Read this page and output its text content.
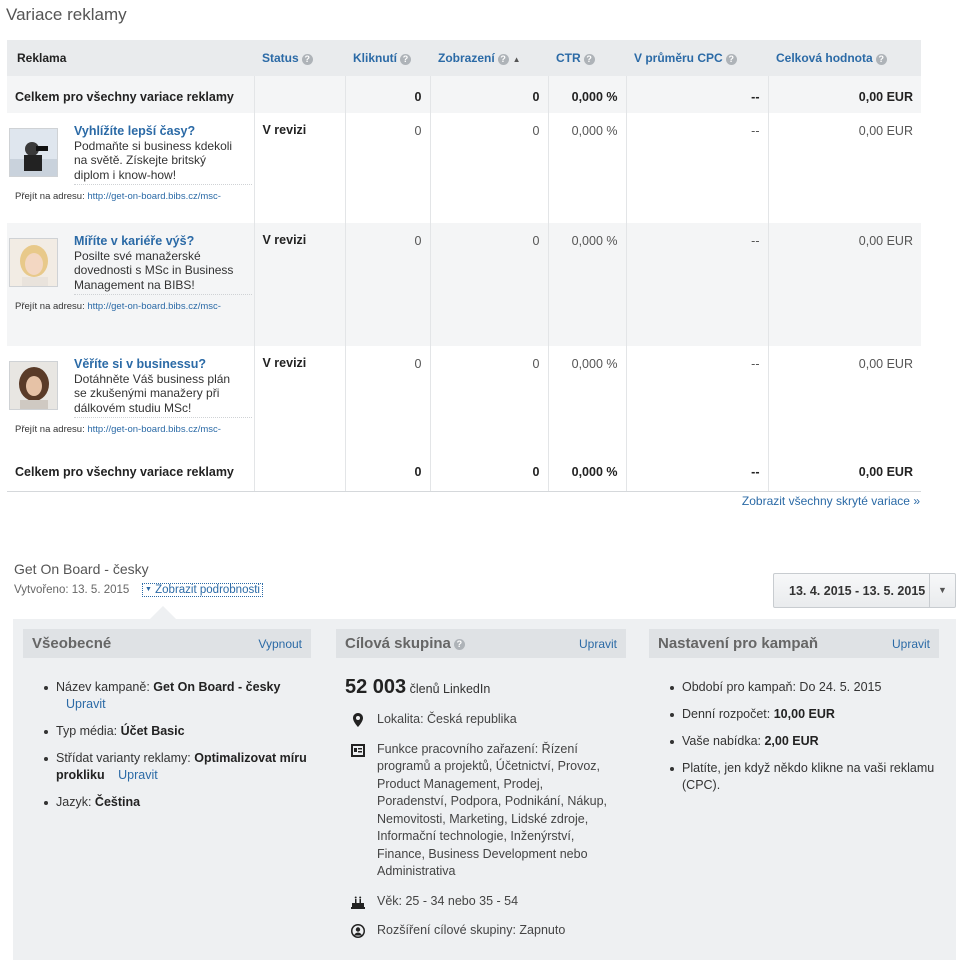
Variace reklamy
Reklama	Status ?	Kliknutí ?	Zobrazení ? ▲	CTR ?	V průměru CPC ?	Celková hodnota ?
Celkem pro všechny variace reklamy		0	0	0,000 %	--	0,00 EUR

Vyhlížíte lepší časy?
Podmaňte si business kdekoli na světě. Získejte britský diplom i know-how!
Přejít na adresu: http://get-on-board.bibs.cz/msc-	V revizi	0	0	0,000 %	--	0,00 EUR

Míříte v kariéře výš?
Posilte své manažerské dovednosti s MSc in Business Management na BIBS!
Přejít na adresu: http://get-on-board.bibs.cz/msc-	V revizi	0	0	0,000 %	--	0,00 EUR

Věříte si v businessu?
Dotáhněte Váš business plán se zkušenými manažery při dálkovém studiu MSc!
Přejít na adresu: http://get-on-board.bibs.cz/msc-	V revizi	0	0	0,000 %	--	0,00 EUR
Celkem pro všechny variace reklamy		0	0	0,000 %	--	0,00 EUR
Zobrazit všechny skryté variace »
Get On Board - česky
Vytvořeno: 13. 5. 2015	▼ Zobrazit podrobnosti	13. 4. 2015 - 13. 5. 2015	▼
Všeobecné	Vypnout
Název kampaně: Get On Board - česky
Upravit
Typ média: Účet Basic
Střídat varianty reklamy: Optimalizovat míru prokliku Upravit
Jazyk: Čeština
Cílová skupina ?	Upravit
52 003 členů LinkedIn
Lokalita: Česká republika
Funkce pracovního zařazení: Řízení programů a projektů, Účetnictví, Provoz, Product Management, Prodej, Poradenství, Podpora, Podnikání, Nákup, Nemovitosti, Marketing, Lidské zdroje, Informační technologie, Inženýrství, Finance, Business Development nebo Administrativa
Věk: 25 - 34 nebo 35 - 54
Rozšíření cílové skupiny: Zapnuto
Nastavení pro kampaň	Upravit
Období pro kampaň: Do 24. 5. 2015
Denní rozpočet: 10,00 EUR
Vaše nabídka: 2,00 EUR
Platíte, jen když někdo klikne na vaši reklamu (CPC).
